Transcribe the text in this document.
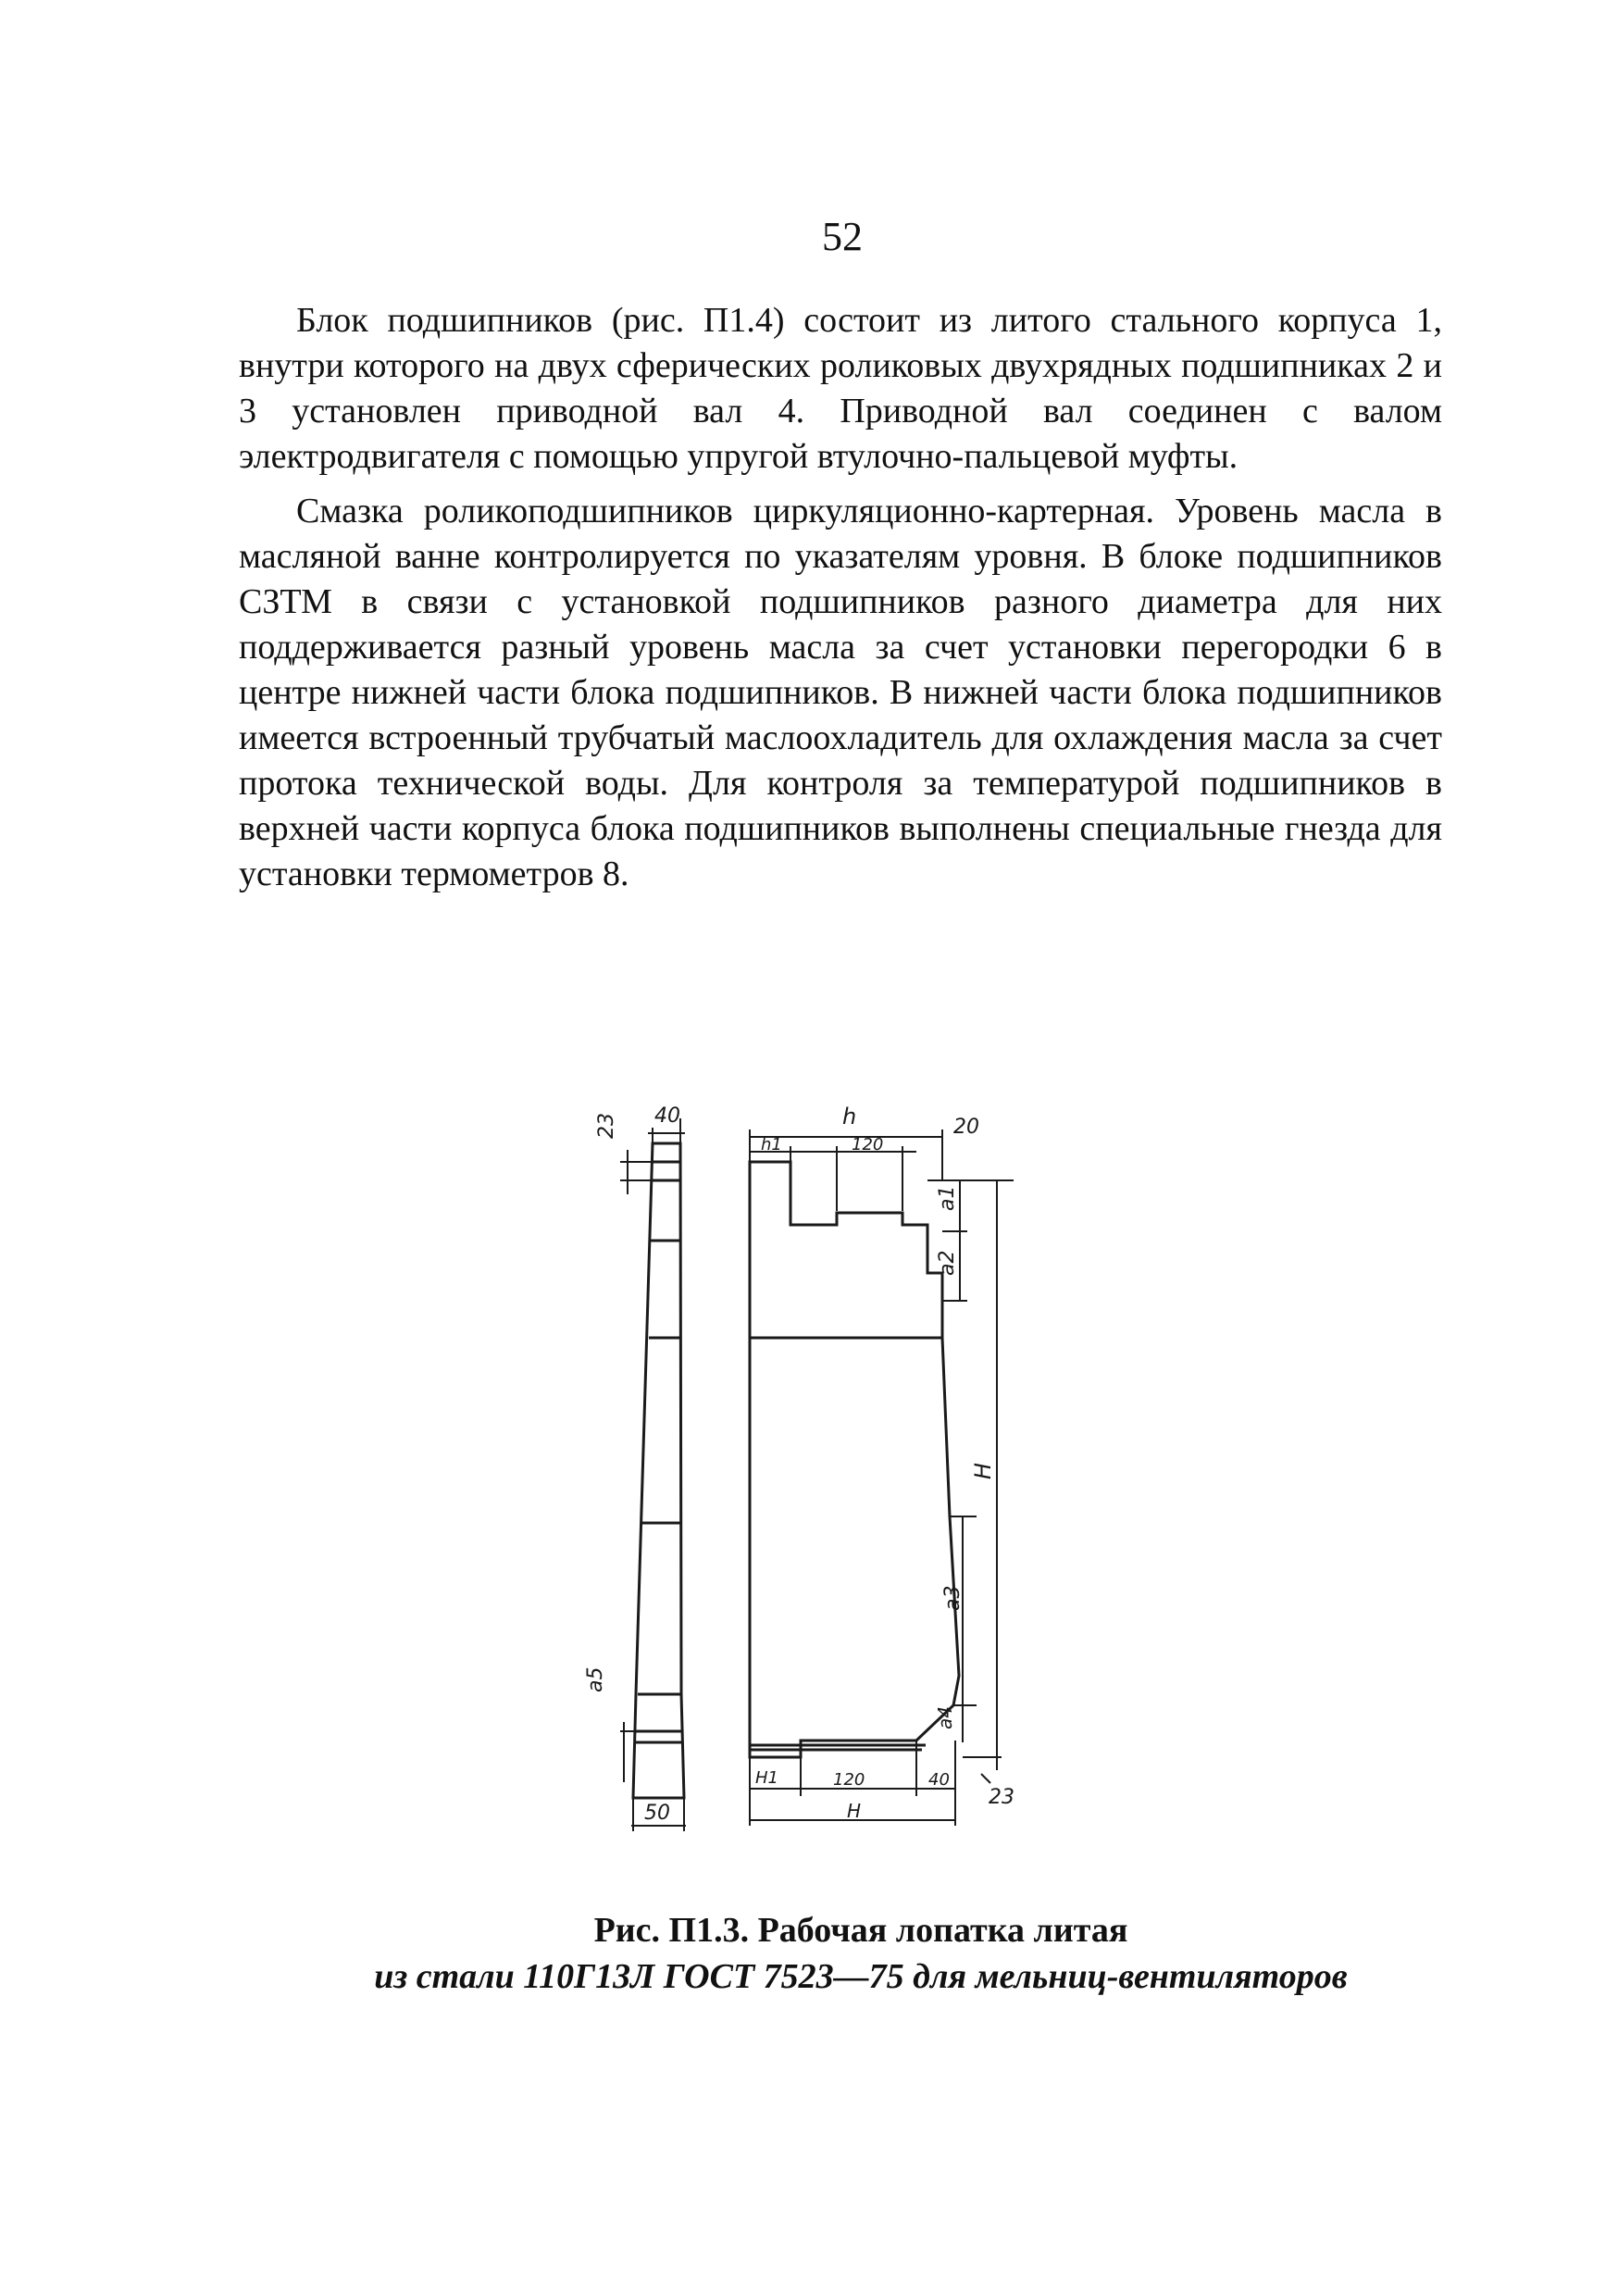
52

Блок подшипников (рис. П1.4) состоит из литого стального корпуса 1, внутри которого на двух сферических роликовых двухрядных подшипниках 2 и 3 установлен приводной вал 4. Приводной вал соединен с валом электродвигателя с помощью упругой втулочно-пальцевой муфты.

Смазка роликоподшипников циркуляционно-картерная. Уровень масла в масляной ванне контролируется по указателям уровня. В блоке подшипников СЗТМ в связи с установкой подшипников разного диаметра для них поддерживается разный уровень масла за счет установки перегородки 6 в центре нижней части блока подшипников. В нижней части блока подшипников имеется встроенный трубчатый маслоохладитель для охлаждения масла за счет протока технической воды. Для контроля за температурой подшипников в верхней части корпуса блока подшипников выполнены специальные гнезда для установки термометров 8.

40
23
a5
50
h
h1	120
20
a1
a2
H
a3
a4
H1	120	40
H
23
Рис. П1.3. Рабочая лопатка литая
из стали 110Г13Л ГОСТ 7523—75 для мельниц-вентиляторов
